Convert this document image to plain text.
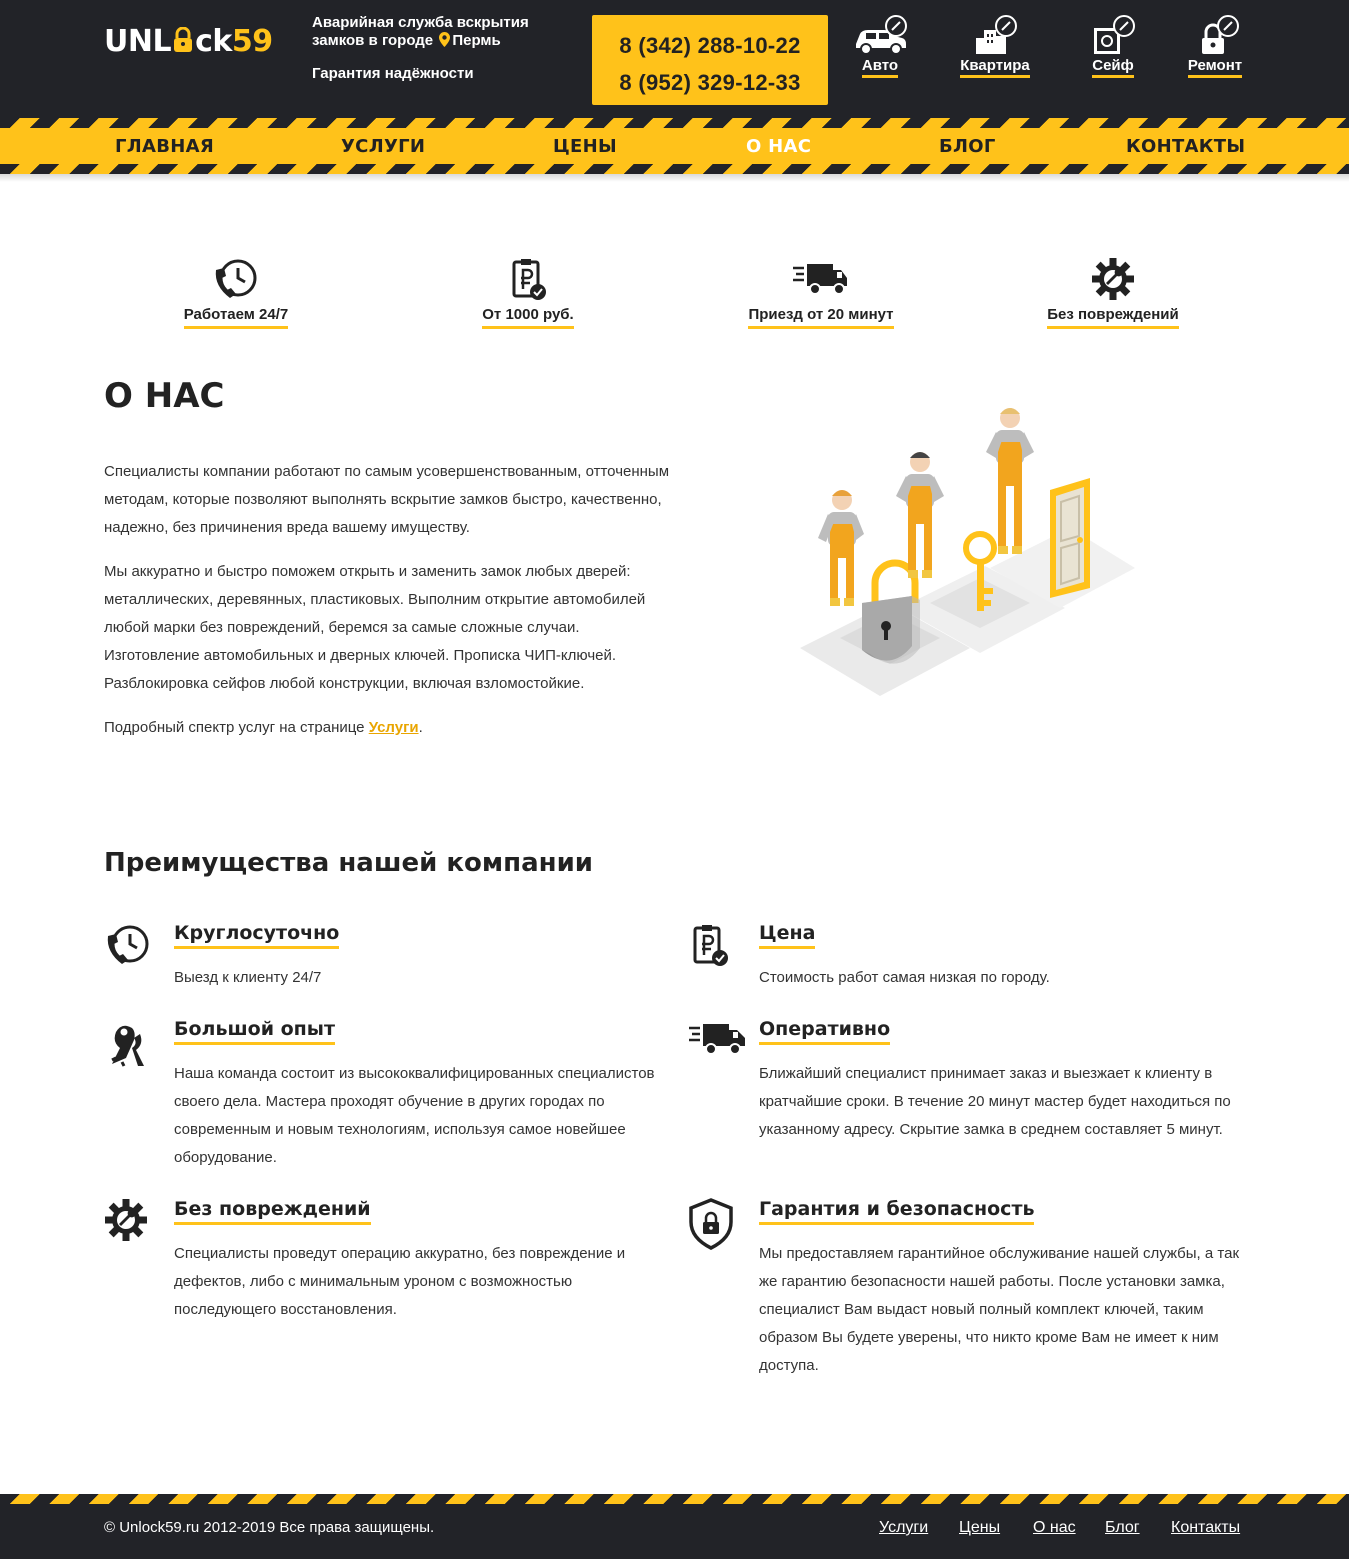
UNL ck59
Аварийная служба вскрытия
замков в городе Пермь
Гарантия надёжности
8 (342) 288-10-22
8 (952) 329-12-33
Авто	Квартира	Сейф	Ремонт
ГЛАВНАЯ	УСЛУГИ	ЦЕНЫ	О НАС	БЛОГ	КОНТАКТЫ
Работаем 24/7	От 1000 руб.	Приезд от 20 минут	Без повреждений
О НАС

Специалисты компании работают по самым усовершенствованным, отточенным методам, которые позволяют выполнять вскрытие замков быстро, качественно, надежно, без причинения вреда вашему имуществу.

Мы аккуратно и быстро поможем открыть и заменить замок любых дверей: металлических, деревянных, пластиковых. Выполним открытие автомобилей любой марки без повреждений, беремся за самые сложные случаи. Изготовление автомобильных и дверных ключей. Прописка ЧИП-ключей. Разблокировка сейфов любой конструкции, включая взломостойкие.

Подробный спектр услуг на странице Услуги.

Преимущества нашей компании
Круглосуточно
Выезд к клиенту 24/7
Цена
Стоимость работ самая низкая по городу.
Большой опыт
Наша команда состоит из высококвалифицированных специалистов своего дела. Мастера проходят обучение в других городах по современным и новым технологиям, используя самое новейшее оборудование.
Оперативно
Ближайший специалист принимает заказ и выезжает к клиенту в кратчайшие сроки. В течение 20 минут мастер будет находиться по указанному адресу. Скрытие замка в среднем составляет 5 минут.
Без повреждений
Специалисты проведут операцию аккуратно, без повреждение и дефектов, либо с минимальным уроном с возможностью последующего восстановления.
Гарантия и безопасность
Мы предоставляем гарантийное обслуживание нашей службы, а так же гарантию безопасности нашей работы. После установки замка, специалист Вам выдаст новый полный комплект ключей, таким образом Вы будете уверены, что никто кроме Вам не имеет к ним доступа.
© Unlock59.ru 2012-2019 Все права защищены.	Услуги Цены О нас Блог Контакты
